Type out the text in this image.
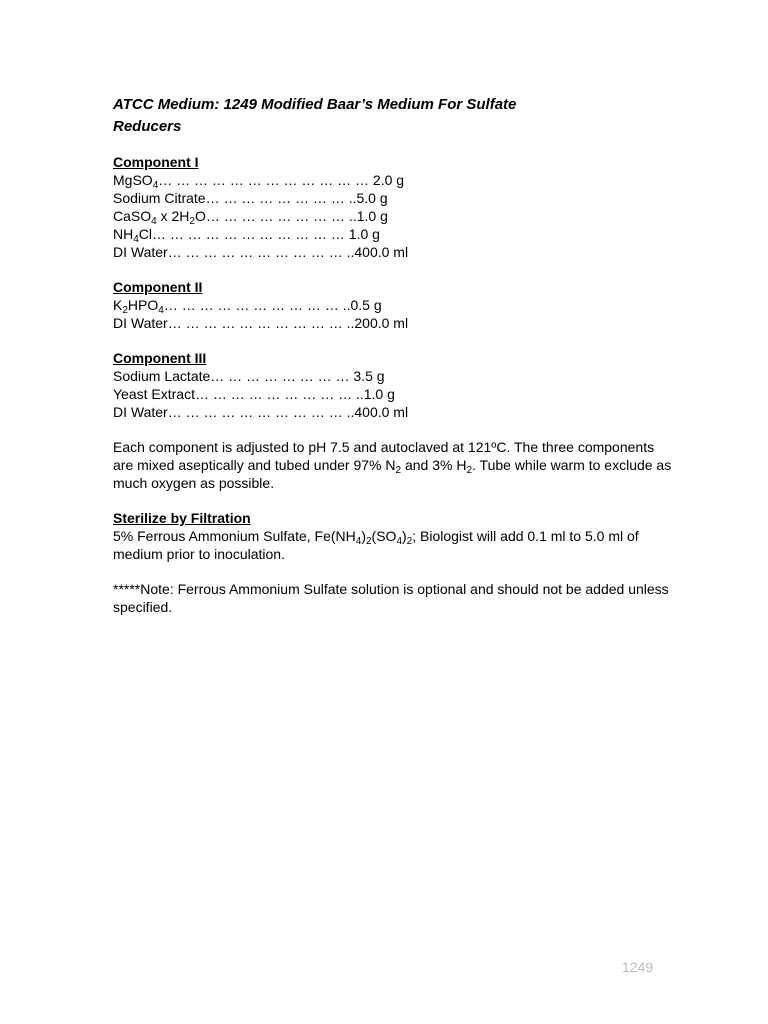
ATCC Medium: 1249 Modified Baar’s Medium For Sulfate
Reducers
Component I
MgSO$_4$… … … … … … … … … … … … 2.0 g
Sodium Citrate… … … … … … … … ..5.0 g
CaSO$_4$ x $2H_2O\dots$ … … … … … … … ..1.0 g
$NH_4Cl\dots$ … … … … … … … … … … 1.0 g
DI Water… … … … … … … … … … ..400.0 ml
Component II
$K_2HPO_4\dots$ … … … … … … … … … ..0.5 g
DI Water… … … … … … … … … … ..200.0 ml
Component III
Sodium Lactate… … … … … … … … 3.5 g
Yeast Extract… … … … … … … … … ..1.0 g
DI Water… … … … … … … … … … ..400.0 ml
Each component is adjusted to pH 7.5 and autoclaved at 121ºC. The three components are mixed aseptically and tubed under 97% $N_2$ and 3% $H_2$. Tube while warm to exclude as much oxygen as possible.
Sterilize by Filtration
5% Ferrous Ammonium Sulfate, $Fe(NH_4)_2(SO_4)_2$; Biologist will add 0.1 ml to 5.0 ml of medium prior to inoculation.
*****Note: Ferrous Ammonium Sulfate solution is optional and should not be added unless specified.
1249
